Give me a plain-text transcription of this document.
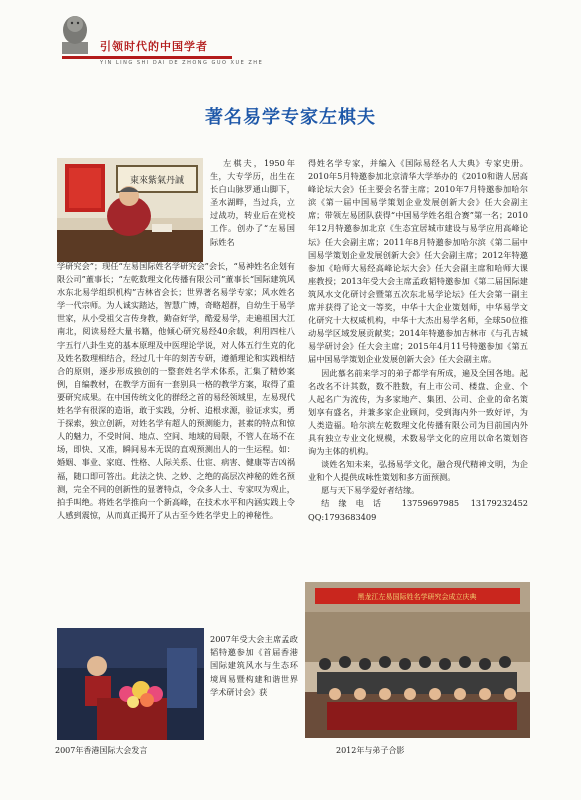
引领时代的中国学者
YIN LING SHI DAI DE ZHONG GUO XUE ZHE
著名易学专家左棋夫
東來紫氣丹誠

左棋夫，1950年生，大专学历，出生在长白山脉罗通山脚下，圣水湖畔，当过兵，立过战功，转业后在党校工作。创办了“左易国际姓名

学研究会”；现任“左易国际姓名学研究会”会长，“易神姓名企划有限公司”董事长；“左乾数理文化传播有限公司”董事长“国际建筑风水东北易学组织机构”吉林省会长；世界著名易学专家；风水姓名学一代宗师。为人诚实踏达，智慧广博，奇略超群，自幼生于易学世家，从小受祖父言传身教，勤奋好学，酷爱易学，走遍祖国大江南北，阅读易经大量书籍，他倾心研究易经40余载，利用四柱八字五行八卦生克的基本原理及中医理论学说，对人体五行生克的化及姓名数理相结合，经过几十年的刻苦专研，遵循理论和实践相结合的原则，逐步形成独创的一整套姓名学术体系，汇集了精妙案例，自编教材，在教学方面有一套别具一格的教学方案，取得了重要研究成果。在中国传统文化的群经之首的易经领域里，左易现代姓名学有很深的造诣，敢于实践，分析、追根求源，验证求实，勇于探索，独立创新，对姓名学有超人的预测能力，甚素的特点和惊人的魅力，不受时间、地点、空间、地域的局限，不管人在场不在场，即快、又准，瞬间易本无误的直观预测出人的一生运程。如：婚姻、事业、家庭、性格、人际关系、仕宦、病害、健康等吉凶祸福，随口即可答出。此法之快、之妙、之绝的高层次神秘的姓名预测，完全不同的创新性的显著特点，令众多人士、专家叹为观止，拍手叫绝。将姓名学推向一个新高峰，在技术水平和内涵实践上令人感到震惊，从而真正揭开了从古至今姓名学史上的神秘性。

得姓名学专家，并编入《国际易经名人大典》专家史册。2010年5月特邀参加北京清华大学举办的《2010和谐人居高峰论坛大会》任主要会名誉主席；2010年7月特邀参加哈尔滨《第一届中国易学策划企业发展创新大会》任大会副主席；带领左易团队获得“中国易学姓名组合赛”第一名；2010年12月特邀参加北京《生态宜居城市建设与易学应用高峰论坛》任大会副主席；2011年8月特邀参加哈尔滨《第二届中国易学策划企业发展创新大会》任大会副主席；2012年特邀参加《哈师大易经高峰论坛大会》任大会副主席和哈师大课座教授；2013年受大会主席孟政韬特邀参加《第二届国际建筑风水文化研讨会暨第五次东北易学论坛》任大会第一副主席并获得了论文一等奖，中华十大企业策划师，中华易学文化研究十大权威机构，中华十大杰出易学名师，全球50位推动易学区域发展贡献奖；2014年特邀参加吉林市《与孔吉城易学研讨会》任大会主席；2015年4月11号特邀参加《第五届中国易学策划企业发展创新大会》任大会副主席。

因此慕名前来学习的弟子都学有所成，遍及全国各地。起名改名不计其数，数不胜数，有上市公司、楼盘、企业、个人起名广为流传，为多家地产、集团、公司、企业的命名策划享有盛名，并兼多家企业顾问，受到海内外一致好评，为人类造福。哈尔滨左乾数理文化传播有限公司为目前国内外具有独立专业文化规模，术数易学文化的应用以命名策划咨询为主体的机构。

谈姓名知未来，弘扬易学文化，融合现代精神文明，为企业和个人提供成咏性策划和多方面预测。

愿与天下易学爱好者结缘。

结缘电话 13759697985 13179232452 QQ:1793683409

2007年受大会主席孟政韬特邀参加《首届香港国际建筑风水与生态环境周易暨构建和谐世界学术研讨会》获
2007年香港国际大会发言
黑龙江左易国际姓名学研究会成立庆典
2012年与弟子合影
